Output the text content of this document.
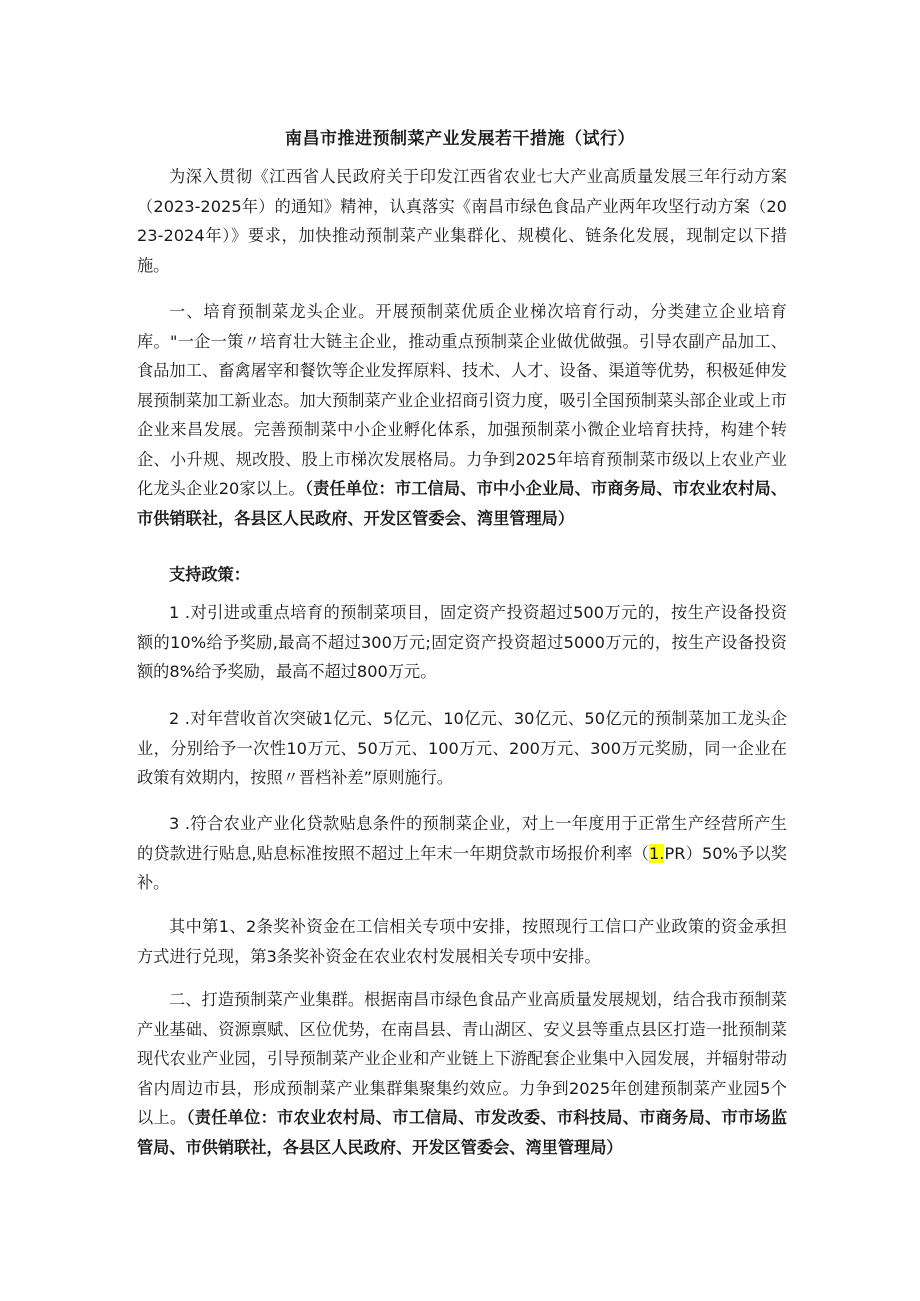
南昌市推进预制菜产业发展若干措施（试行）

为深入贯彻《江西省人民政府关于印发江西省农业七大产业高质量发展三年行动方案（2023-2025年）的通知》精神，认真落实《南昌市绿色食品产业两年攻坚行动方案（2023-2024年）》要求，加快推动预制菜产业集群化、规模化、链条化发展，现制定以下措施。

一、培育预制菜龙头企业。开展预制菜优质企业梯次培育行动，分类建立企业培育库。"一企一策〃培育壮大链主企业，推动重点预制菜企业做优做强。引导农副产品加工、食品加工、畜禽屠宰和餐饮等企业发挥原料、技术、人才、设备、渠道等优势，积极延伸发展预制菜加工新业态。加大预制菜产业企业招商引资力度，吸引全国预制菜头部企业或上市企业来昌发展。完善预制菜中小企业孵化体系，加强预制菜小微企业培育扶持，构建个转企、小升规、规改股、股上市梯次发展格局。力争到2025年培育预制菜市级以上农业产业化龙头企业20家以上。（责任单位：市工信局、市中小企业局、市商务局、市农业农村局、市供销联社，各县区人民政府、开发区管委会、湾里管理局）

支持政策：

1 .对引进或重点培育的预制菜项目，固定资产投资超过500万元的，按生产设备投资额的10%给予奖励,最高不超过300万元;固定资产投资超过5000万元的，按生产设备投资额的8%给予奖励，最高不超过800万元。

2 .对年营收首次突破1亿元、5亿元、10亿元、30亿元、50亿元的预制菜加工龙头企业，分别给予一次性10万元、50万元、100万元、200万元、300万元奖励，同一企业在政策有效期内，按照〃晋档补差”原则施行。

3 .符合农业产业化贷款贴息条件的预制菜企业，对上一年度用于正常生产经营所产生的贷款进行贴息,贴息标准按照不超过上年末一年期贷款市场报价利率（1.PR）50%予以奖补。

其中第1、2条奖补资金在工信相关专项中安排，按照现行工信口产业政策的资金承担方式进行兑现，第3条奖补资金在农业农村发展相关专项中安排。

二、打造预制菜产业集群。根据南昌市绿色食品产业高质量发展规划，结合我市预制菜产业基础、资源禀赋、区位优势，在南昌县、青山湖区、安义县等重点县区打造一批预制菜现代农业产业园，引导预制菜产业企业和产业链上下游配套企业集中入园发展，并辐射带动省内周边市县，形成预制菜产业集群集聚集约效应。力争到2025年创建预制菜产业园5个以上。（责任单位：市农业农村局、市工信局、市发改委、市科技局、市商务局、市市场监管局、市供销联社，各县区人民政府、开发区管委会、湾里管理局）
